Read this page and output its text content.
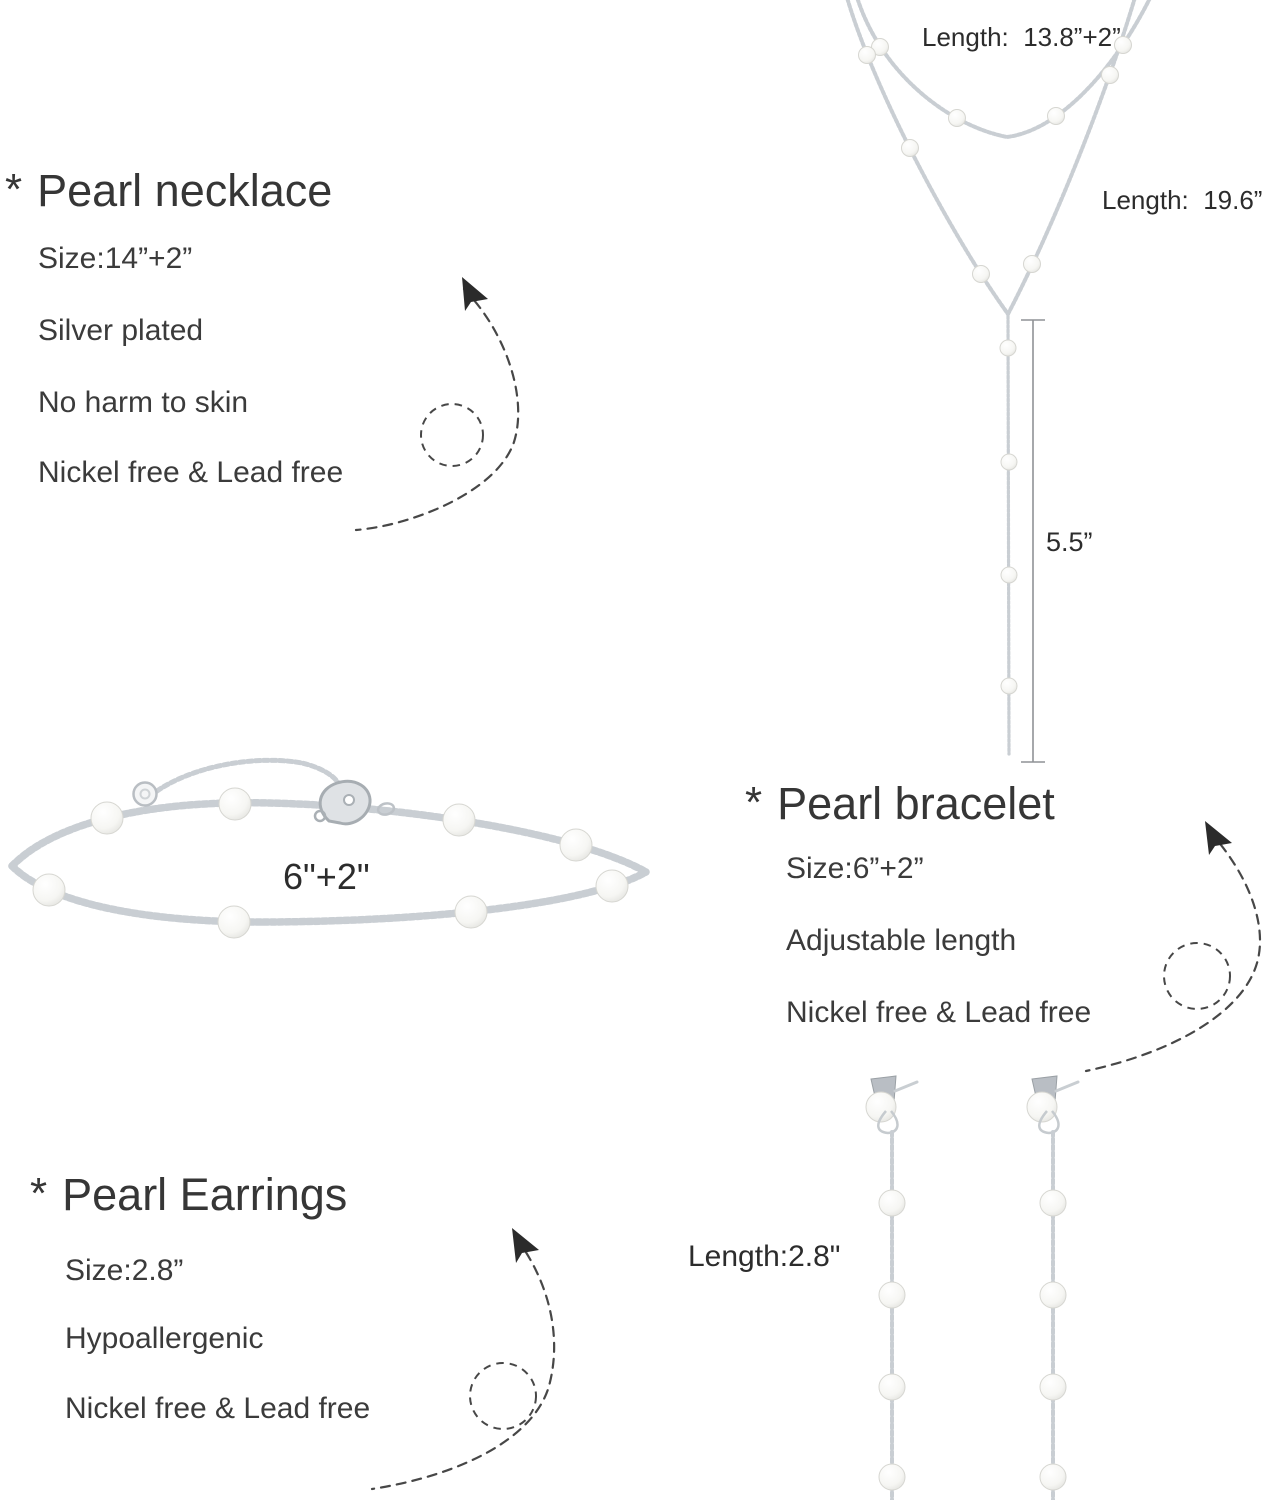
Length:  13.8”+2”
Length:  19.6”
5.5”
6"+2"
Length:2.8"
* Pearl necklace
Size:14”+2”
Silver plated
No harm to skin
Nickel free & Lead free
* Pearl bracelet
Size:6”+2”
Adjustable length
Nickel free & Lead free
* Pearl Earrings
Size:2.8”
Hypoallergenic
Nickel free & Lead free
